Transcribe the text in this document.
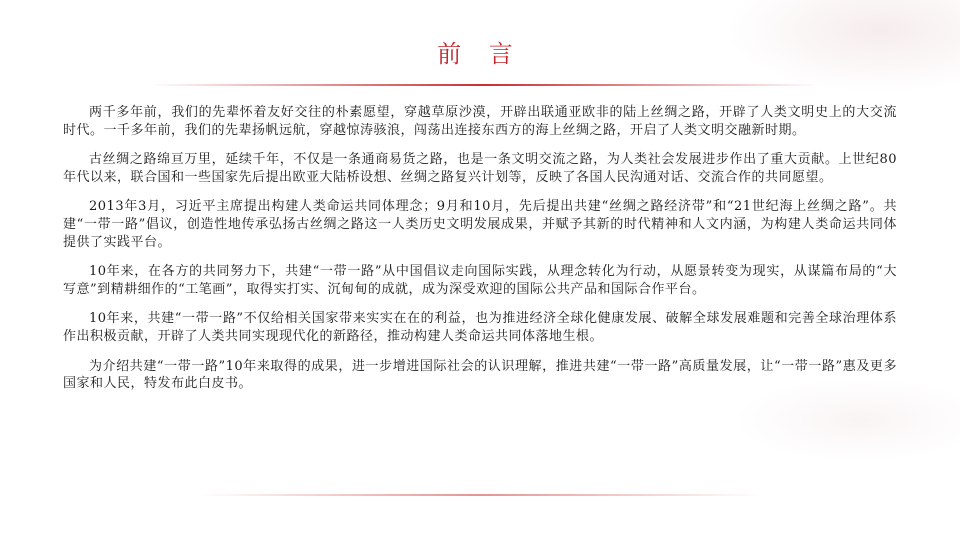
前 言

两千多年前，我们的先辈怀着友好交往的朴素愿望，穿越草原沙漠，开辟出联通亚欧非的陆上丝绸之路，开辟了人类文明史上的大交流时代。一千多年前，我们的先辈扬帆远航，穿越惊涛骇浪，闯荡出连接东西方的海上丝绸之路，开启了人类文明交融新时期。

古丝绸之路绵亘万里，延续千年，不仅是一条通商易货之路，也是一条文明交流之路，为人类社会发展进步作出了重大贡献。上世纪80年代以来，联合国和一些国家先后提出欧亚大陆桥设想、丝绸之路复兴计划等，反映了各国人民沟通对话、交流合作的共同愿望。

2013年3月，习近平主席提出构建人类命运共同体理念；9月和10月，先后提出共建“丝绸之路经济带”和“21世纪海上丝绸之路”。共建“一带一路”倡议，创造性地传承弘扬古丝绸之路这一人类历史文明发展成果，并赋予其新的时代精神和人文内涵，为构建人类命运共同体提供了实践平台。

10年来，在各方的共同努力下，共建“一带一路”从中国倡议走向国际实践，从理念转化为行动，从愿景转变为现实，从谋篇布局的“大写意”到精耕细作的“工笔画”，取得实打实、沉甸甸的成就，成为深受欢迎的国际公共产品和国际合作平台。

10年来，共建“一带一路”不仅给相关国家带来实实在在的利益，也为推进经济全球化健康发展、破解全球发展难题和完善全球治理体系作出积极贡献，开辟了人类共同实现现代化的新路径，推动构建人类命运共同体落地生根。

为介绍共建“一带一路”10年来取得的成果，进一步增进国际社会的认识理解，推进共建“一带一路”高质量发展，让“一带一路”惠及更多国家和人民，特发布此白皮书。
